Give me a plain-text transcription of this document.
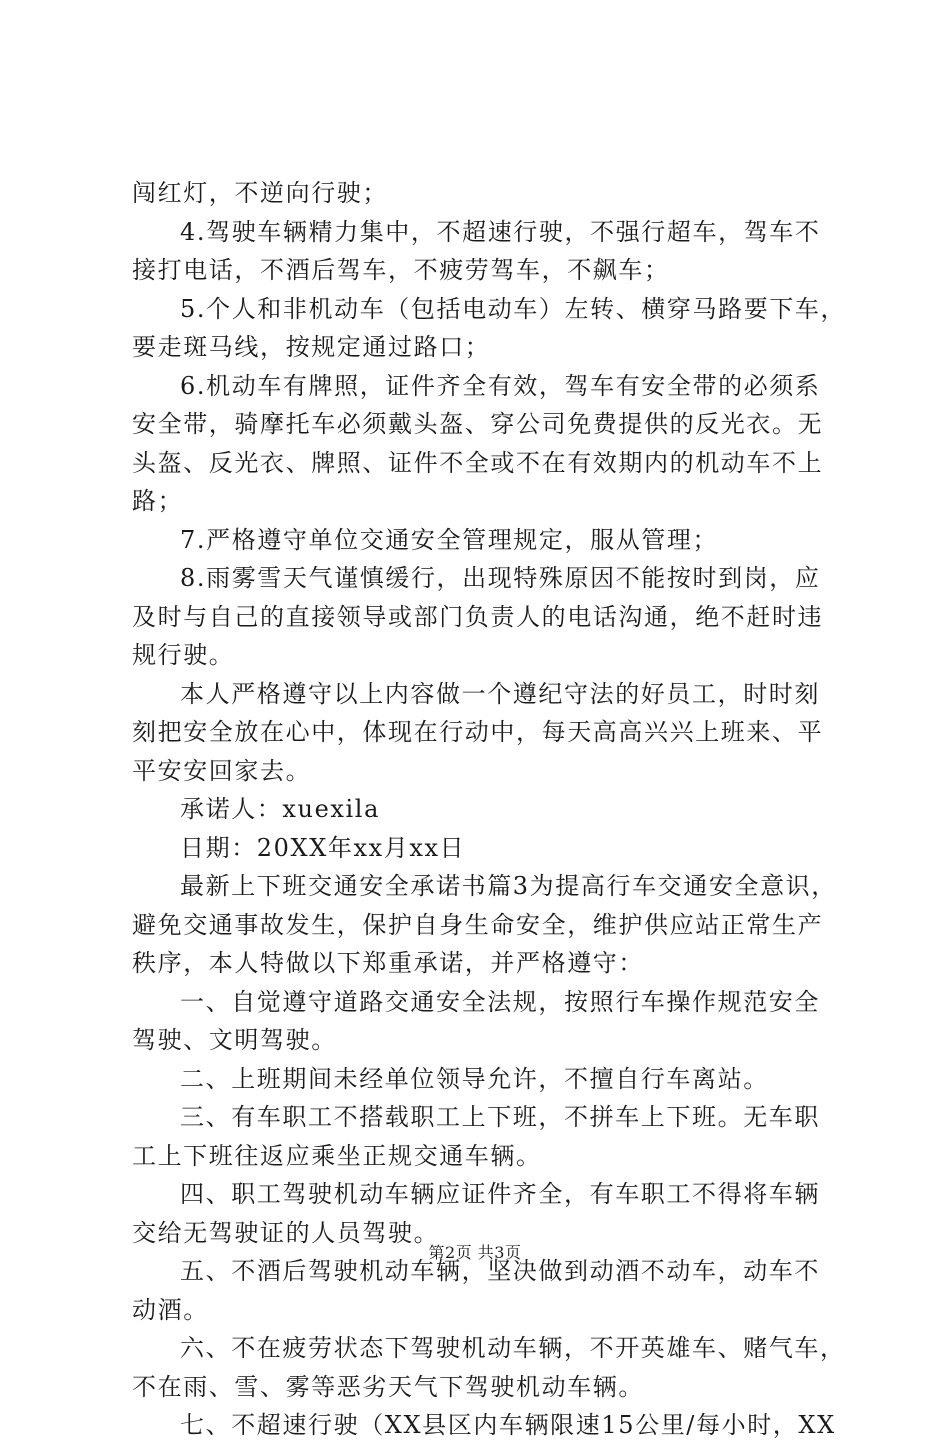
闯红灯，不逆向行驶；
4.驾驶车辆精力集中，不超速行驶，不强行超车，驾车不
接打电话，不酒后驾车，不疲劳驾车，不飙车；
5.个人和非机动车（包括电动车）左转、横穿马路要下车，
要走斑马线，按规定通过路口；
6.机动车有牌照，证件齐全有效，驾车有安全带的必须系
安全带，骑摩托车必须戴头盔、穿公司免费提供的反光衣。无
头盔、反光衣、牌照、证件不全或不在有效期内的机动车不上
路；
7.严格遵守单位交通安全管理规定，服从管理；
8.雨雾雪天气谨慎缓行，出现特殊原因不能按时到岗，应
及时与自己的直接领导或部门负责人的电话沟通，绝不赶时违
规行驶。
本人严格遵守以上内容做一个遵纪守法的好员工，时时刻
刻把安全放在心中，体现在行动中，每天高高兴兴上班来、平
平安安回家去。
承诺人：xuexila
日期：20XX年xx月xx日
最新上下班交通安全承诺书篇3为提高行车交通安全意识，
避免交通事故发生，保护自身生命安全，维护供应站正常生产
秩序，本人特做以下郑重承诺，并严格遵守：
一、自觉遵守道路交通安全法规，按照行车操作规范安全
驾驶、文明驾驶。
二、上班期间未经单位领导允许，不擅自行车离站。
三、有车职工不搭载职工上下班，不拼车上下班。无车职
工上下班往返应乘坐正规交通车辆。
四、职工驾驶机动车辆应证件齐全，有车职工不得将车辆
交给无驾驶证的人员驾驶。
五、不酒后驾驶机动车辆，坚决做到动酒不动车，动车不
动酒。
六、不在疲劳状态下驾驶机动车辆，不开英雄车、赌气车，
不在雨、雪、雾等恶劣天气下驾驶机动车辆。
七、不超速行驶（XX县区内车辆限速15公里/每小时，XX
第2页 共3页
